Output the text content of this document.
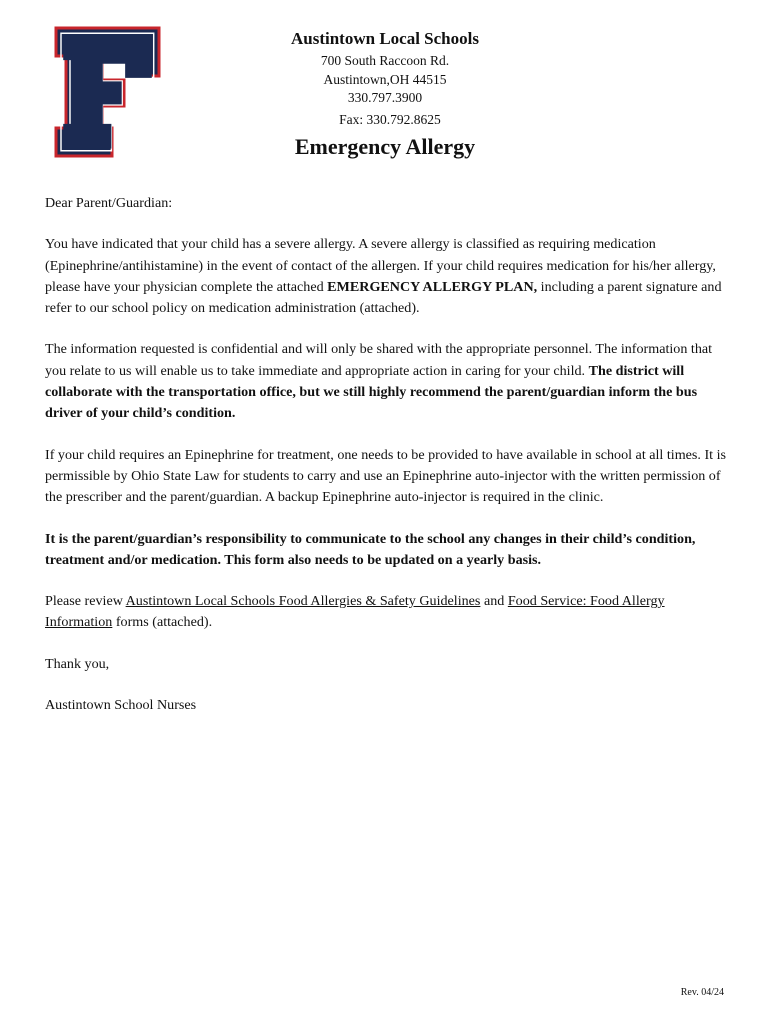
Austintown Local Schools
700 South Raccoon Rd.
Austintown,OH 44515
330.797.3900
Fax: 330.792.8625
Emergency Allergy

Dear Parent/Guardian:

You have indicated that your child has a severe allergy. A severe allergy is classified as requiring medication (Epinephrine/antihistamine) in the event of contact of the allergen. If your child requires medication for his/her allergy, please have your physician complete the attached EMERGENCY ALLERGY PLAN, including a parent signature and refer to our school policy on medication administration (attached).

The information requested is confidential and will only be shared with the appropriate personnel. The information that you relate to us will enable us to take immediate and appropriate action in caring for your child. The district will collaborate with the transportation office, but we still highly recommend the parent/guardian inform the bus driver of your child’s condition.

If your child requires an Epinephrine for treatment, one needs to be provided to have available in school at all times. It is permissible by Ohio State Law for students to carry and use an Epinephrine auto-injector with the written permission of the prescriber and the parent/guardian. A backup Epinephrine auto-injector is required in the clinic.

It is the parent/guardian’s responsibility to communicate to the school any changes in their child’s condition, treatment and/or medication. This form also needs to be updated on a yearly basis.

Please review Austintown Local Schools Food Allergies & Safety Guidelines and Food Service: Food Allergy Information forms (attached).

Thank you,

Austintown School Nurses

Rev. 04/24
